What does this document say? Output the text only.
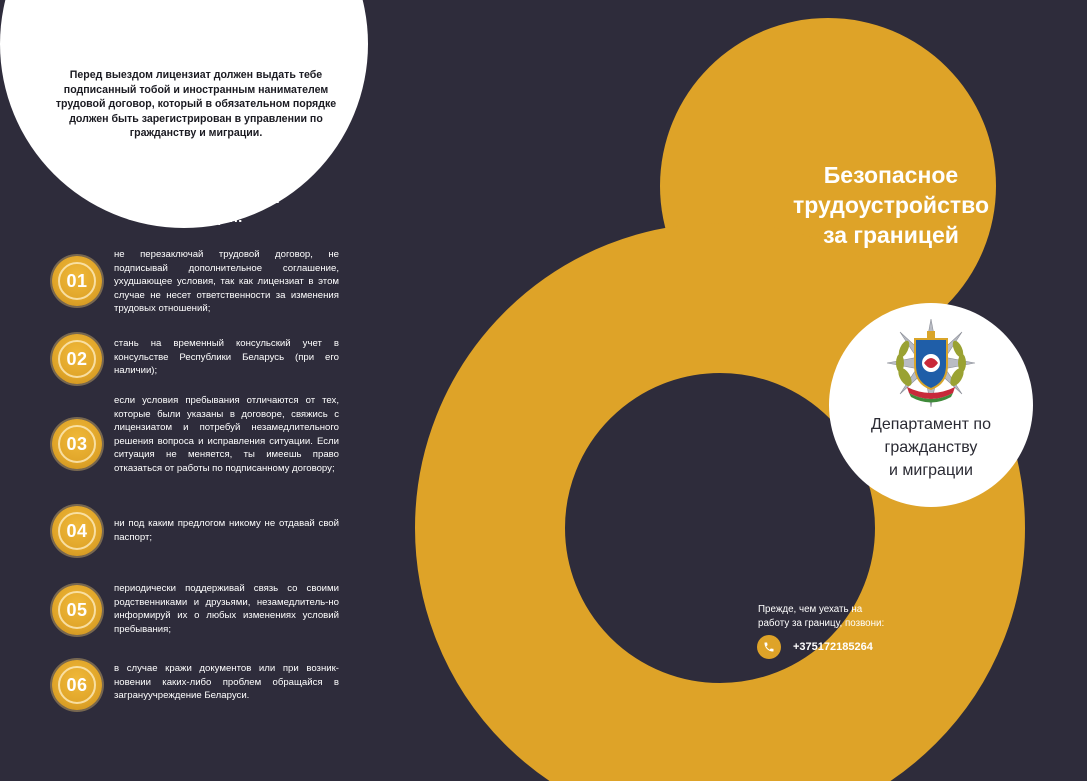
Перед выездом лицензиат должен выдать тебе подписанный тобой и иностранным нанимателем трудовой договор, который в обязательном порядке должен быть зарегистрирован в управлении по гражданству и миграции.
Во время пребывания
за границей:
01
не перезаключай трудовой договор, не подписывай дополнительное соглашение, ухудшающее условия, так как лицензиат в этом случае не несет ответственности за изменения трудовых отношений;
02
стань на временный консульский учет в консульстве Республики Беларусь (при его наличии);
03
если условия пребывания отличаются от тех, которые были указаны в договоре, свяжись с лицензиатом и потребуй незамедлительного решения вопроса и исправления ситуации. Если ситуация не меняется, ты имеешь право отказаться от работы по подписанному договору;
04	ни под каким предлогом никому не отдавай свой паспорт;
05
периодически поддерживай связь со своими родственниками и друзьями, незамедлитель-но информируй их о любых изменениях условий пребывания;
06
в случае кражи документов или при возник-новении каких-либо проблем обращайся в загрануучреждение Беларуси.
Безопасное
трудоустройство
за границей
Департамент по
гражданству
и миграции
Прежде, чем уехать на
работу за границу, позвони:
+375172185264
